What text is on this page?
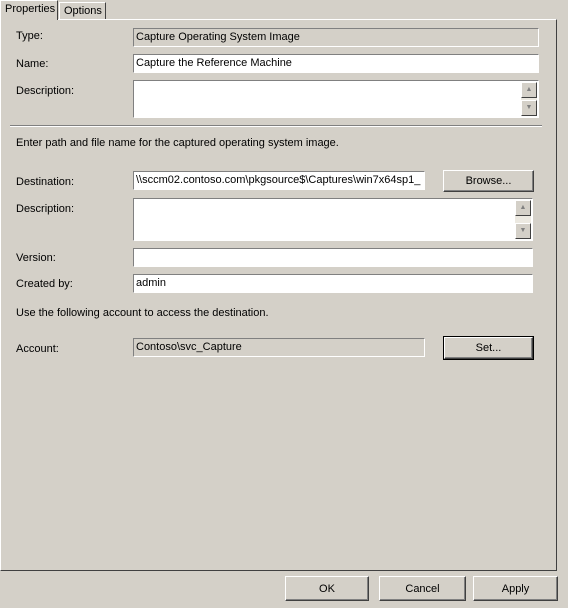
Properties Options
Type:	Capture Operating System Image
Name:	Capture the Reference Machine
Description:	▲
▼
Enter path and file name for the captured operating system image.
Destination:	\\sccm02.contoso.com\pkgsource$\Captures\win7x64sp1_	Browse...
Description:	▲
▼
Version:
Created by:	admin
Use the following account to access the destination.
Account:	Contoso\svc_Capture	Set...
OK	Cancel	Apply
